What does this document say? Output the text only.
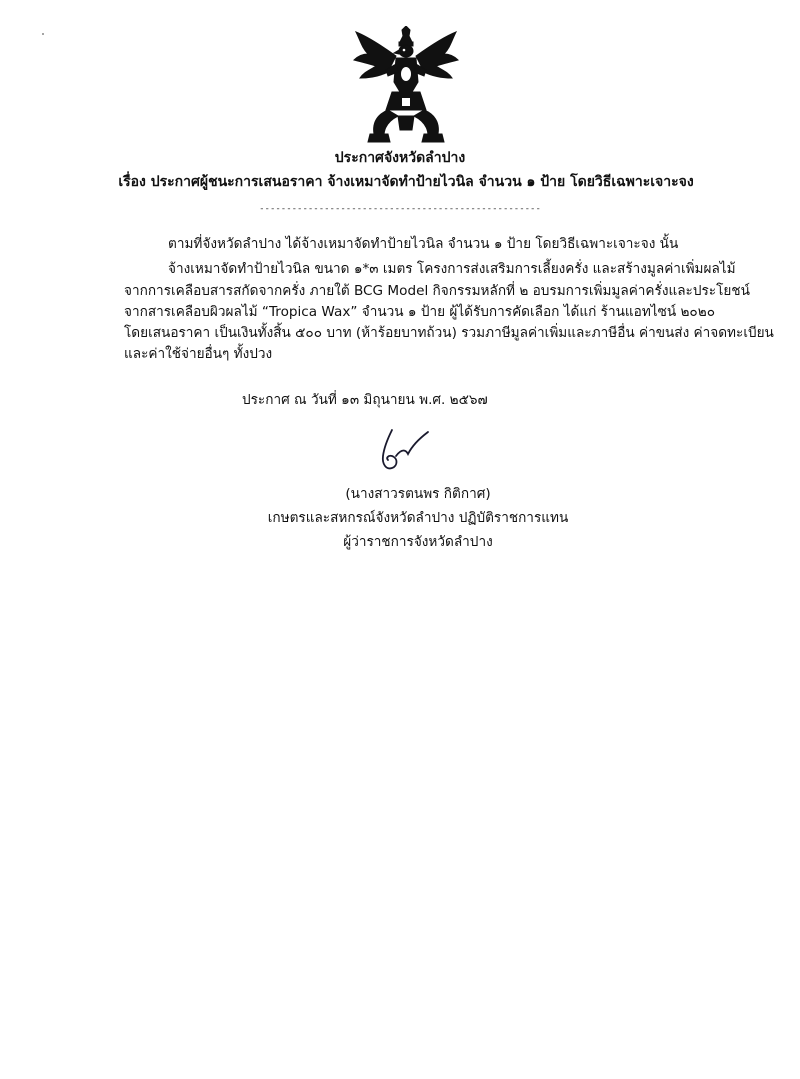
ประกาศจังหวัดลำปาง
เรื่อง ประกาศผู้ชนะการเสนอราคา จ้างเหมาจัดทำป้ายไวนิล จำนวน ๑ ป้าย โดยวิธีเฉพาะเจาะจง
----------------------------------------------------
ตามที่จังหวัดลำปาง ได้จ้างเหมาจัดทำป้ายไวนิล จำนวน ๑ ป้าย โดยวิธีเฉพาะเจาะจง นั้น
จ้างเหมาจัดทำป้ายไวนิล ขนาด ๑*๓ เมตร โครงการส่งเสริมการเลี้ยงครั่ง และสร้างมูลค่าเพิ่มผลไม้
จากการเคลือบสารสกัดจากครั่ง ภายใต้ BCG Model กิจกรรมหลักที่ ๒ อบรมการเพิ่มมูลค่าครั่งและประโยชน์
จากสารเคลือบผิวผลไม้ “Tropica Wax” จำนวน ๑ ป้าย ผู้ได้รับการคัดเลือก ได้แก่ ร้านแอทไซน์ ๒๐๒๐
โดยเสนอราคา เป็นเงินทั้งสิ้น ๕๐๐ บาท (ห้าร้อยบาทถ้วน) รวมภาษีมูลค่าเพิ่มและภาษีอื่น ค่าขนส่ง ค่าจดทะเบียน
และค่าใช้จ่ายอื่นๆ ทั้งปวง
ประกาศ ณ วันที่ ๑๓ มิถุนายน พ.ศ. ๒๕๖๗
(นางสาวรตนพร กิติกาศ)
เกษตรและสหกรณ์จังหวัดลำปาง ปฏิบัติราชการแทน
ผู้ว่าราชการจังหวัดลำปาง
